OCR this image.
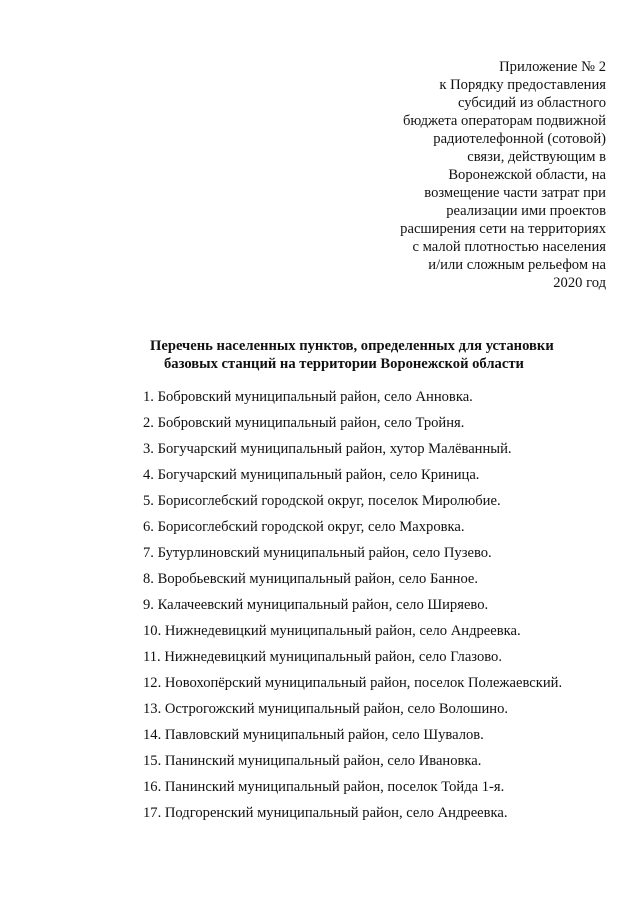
Приложение № 2
к Порядку предоставления
субсидий из областного
бюджета операторам подвижной
радиотелефонной (сотовой)
связи, действующим в
Воронежской области, на
возмещение части затрат при
реализации ими проектов
расширения сети на территориях
с малой плотностью населения
и/или сложным рельефом на
2020 год
Перечень населенных пунктов, определенных для установки
базовых станций на территории Воронежской области
1. Бобровский муниципальный район, село Анновка.
2. Бобровский муниципальный район, село Тройня.
3. Богучарский муниципальный район, хутор Малёванный.
4. Богучарский муниципальный район, село Криница.
5. Борисоглебский городской округ, поселок Миролюбие.
6. Борисоглебский городской округ, село Махровка.
7. Бутурлиновский муниципальный район, село Пузево.
8. Воробьевский муниципальный район, село Банное.
9. Калачеевский муниципальный район, село Ширяево.
10. Нижнедевицкий муниципальный район, село Андреевка.
11. Нижнедевицкий муниципальный район, село Глазово.
12. Новохопёрский муниципальный район, поселок Полежаевский.
13. Острогожский муниципальный район, село Волошино.
14. Павловский муниципальный район, село Шувалов.
15. Панинский муниципальный район, село Ивановка.
16. Панинский муниципальный район, поселок Тойда 1-я.
17. Подгоренский муниципальный район, село Андреевка.
